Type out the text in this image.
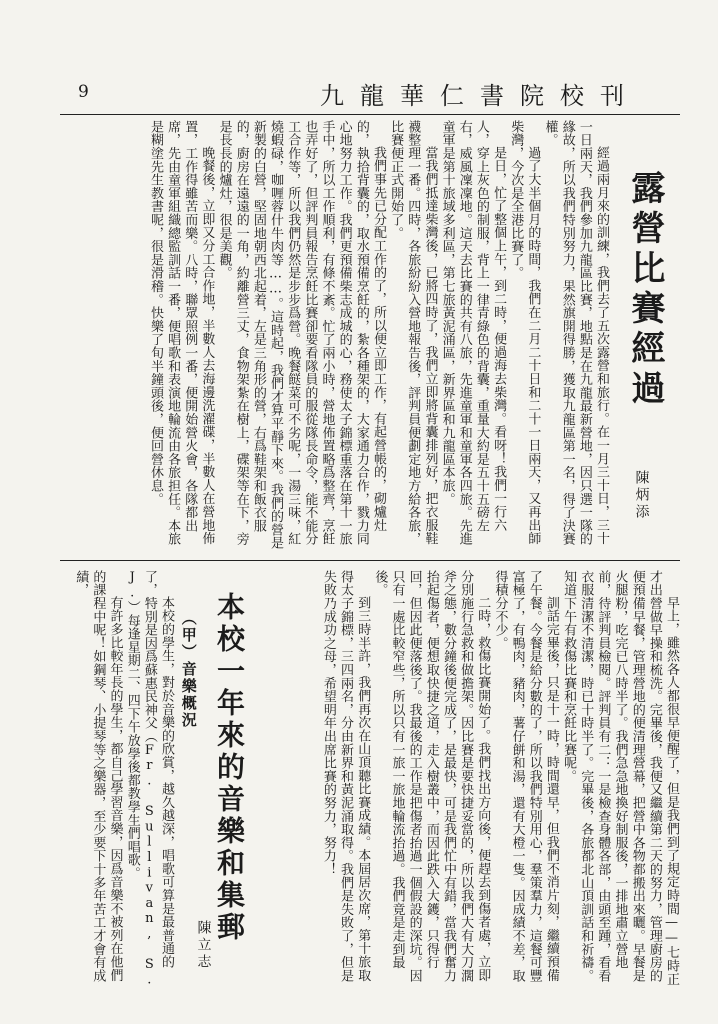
9	九龍華仁書院校刊
露營比賽經過
陳炳添

經過兩月來的訓練，我們去了五次露營和旅行。在一月三十日，三十一日兩天，我們參加九龍區比賽，地點是在九龍最新營地，因只選一隊的緣故，所以我們特別努力，果然旗開得勝，獲取九龍區第一名，得了決賽權。

過了大半個月的時間，我們在二月二十日和二十一日兩天，又再出師柴灣，今次是全港比賽了。

是日，忙了整個上午，到二時，便過海去柴灣。看呀！我們一行六人，穿上灰色的制服，背上一律青綠色的背囊，重量大約是五十五磅左右，威風凜凜地。這天去比賽的共有八旅，先進童軍和童軍各四旅。先進童軍是第十旅域多利區，第七旅黃泥涌區，新界區和九龍區本旅。

當我們抵達柴灣後，已將四時了，我們立即將背囊排列好，把衣服鞋襪整理一番。四時，各旅紛紛入營地報告後，評判員便劃定地方給各旅，比賽便正式開始了。

我們事先已分配工作的了，所以便立即工作，有起營帳的，砌爐灶的，執拾背囊的，取水預備烹飪的，紮各種架的，大家通力合作，戮力同心地努力工作。我們更預備柴志成城的心，務使太子錦標重落在第十一旅手中，所以工作順利，有條不紊。忙了兩小時，營地佈置略爲整齊，烹飪也弄好了，但評判員報告烹飪比賽卻要看隊員的服從隊長命令，能不能分工合作等，所以我們仍然是步步爲營。晚餐餸菜可不劣呢，一湯三味，紅燒蝦碌，咖喱蓉什牛肉等……。這時起，我們才算平靜下來。我們的營是新製的白營，堅固地朝西北起着，左是三角形的營，右爲鞋架和飯衣服的，廚房在遠遠的一角，約離營三丈，食物架紮在樹上，碟架等在下，旁是長長的爐灶，很是美觀。

晚餐後，立即又分工合作地，半數人去海邊洗濯碟，半數人在營地佈置，工作得雖苦而樂。八時，聯眾照例一番，便開始營火會，各隊都出席，先由童軍組織總監訓話一番，便唱歌和表演地輪流由各旅担任。本旅是糊塗先生教書呢，很是滑稽。快樂了旬半鐘頭後，便回營休息。

早上，雖然各人都很早便醒了，但是我們到了規定時間——七時正才出營做早操和梳洗。完畢後，我便又繼續第二天的努力，管理廚房的便預備早餐，管理營地的便清理營幕，把營中各物都搬出來曬。早餐是火腿粉，吃完已八時半了。我們急急地換好制服後，一排地肅立營地前，待評判員檢閱。評判員有二：一是檢查身體各部，由頭至踵，看看衣服清潔不清潔，時已十時半了。完畢後，各旅都北山頂訓話和祈禱。知道下午有救傷比賽和烹飪比賽呢。

訓話完畢後，只是十一時，時間還早，但我們不消片刻，繼續預備了午餐。今餐是給分數的了，所以我們特別用心，羣策羣力，這餐可豐富極了，有鴨肉，豬肉，薯仔餅和湯，還有大橙一隻。因成績不差，取得積分不少。

二時，救傷比賽開始了。我們找出方向後，便趕去到傷者處，立即分別施行急救和做擔架。因比賽是要快捷妥當的，所以我們大有大刀濶斧之態，數分鐘後便完成了，是最快，可是我們忙中有錯，當我們奮力抬起傷者，便想取快捷之道，走入樹叢中，而因此跌入大鑊，只得行回，但因此便落後了。我最後的工作是把傷者抬過一個假設的深坑。因只有一處比較窄些，所以只有一旅一旅地輪流抬過。我們竟是走到最後。

到三時半許，我們再次在山頂聽比賽成績。本屆居次席，第十旅取得太子錦標，三四兩名，分由新界和黃泥涌取得。我們是失敗了，但是失敗乃成功之母，希望明年出席比賽的努力，努力！

本校一年來的音樂和集郵
（甲）音樂概況
陳立志

本校的學生，對於音樂的欣賞，越久越深，唱歌可算是最普通的了，特別是因爲蘇惠民神父（Fr. Sullivan, S. J.）每逢星期二、四下午放學後都教學生們唱歌。

有許多比較年長的學生，都自己學習音樂，因爲音樂不被列在他們的課程中呢！如鋼琴、小提琴等之樂器，至少要下十多年苦工才會有成績，
